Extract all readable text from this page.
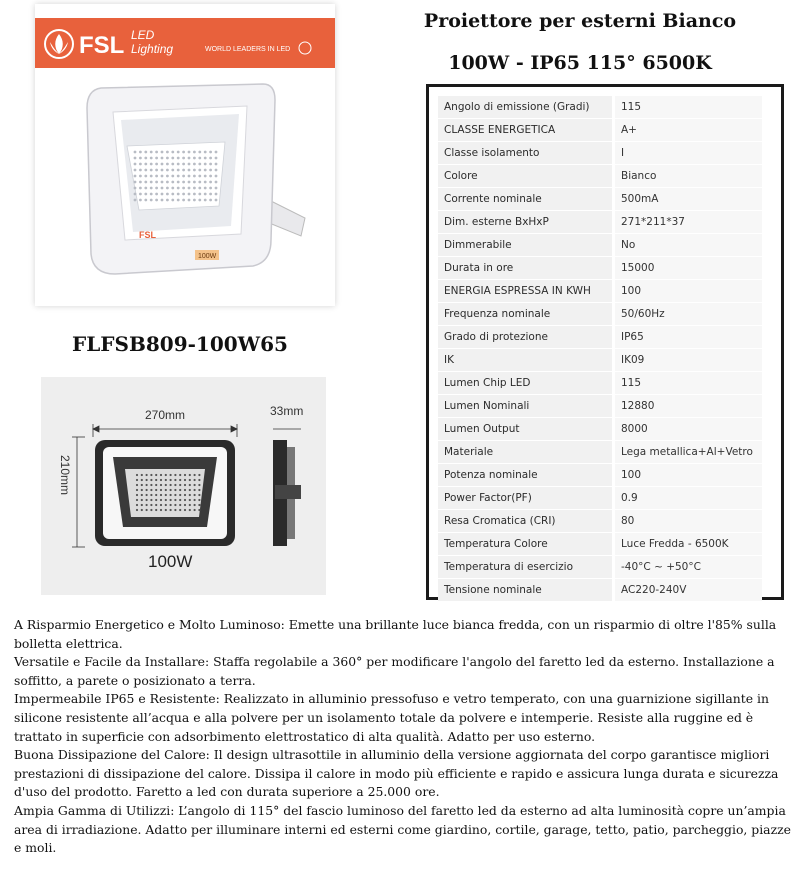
FSL LED
Lighting	WORLD LEADERS IN LED
FSL
100W
Proiettore per esterni Bianco
100W - IP65 115° 6500K
FLFSB809-100W65
270mm
210mm
33mm
100W
Angolo di emissione (Gradi)	115
CLASSE ENERGETICA	A+
Classe isolamento	I
Colore	Bianco
Corrente nominale	500mA
Dim. esterne BxHxP	271*211*37
Dimmerabile	No
Durata in ore	15000
ENERGIA ESPRESSA IN KWH	100
Frequenza nominale	50/60Hz
Grado di protezione	IP65
IK	IK09
Lumen Chip LED	115
Lumen Nominali	12880
Lumen Output	8000
Materiale	Lega metallica+Al+Vetro
Potenza nominale	100
Power Factor(PF)	0.9
Resa Cromatica (CRI)	80
Temperatura Colore	Luce Fredda - 6500K
Temperatura di esercizio	-40°C ~ +50°C
Tensione nominale	AC220-240V

A Risparmio Energetico e Molto Luminoso: Emette una brillante luce bianca fredda, con un risparmio di oltre l'85% sulla bolletta elettrica.

Versatile e Facile da Installare: Staffa regolabile a 360° per modificare l'angolo del faretto led da esterno. Installazione a soffitto, a parete o posizionato a terra.

Impermeabile IP65 e Resistente: Realizzato in alluminio pressofuso e vetro temperato, con una guarnizione sigillante in silicone resistente all’acqua e alla polvere per un isolamento totale da polvere e intemperie. Resiste alla ruggine ed è trattato in superficie con adsorbimento elettrostatico di alta qualità. Adatto per uso esterno.

Buona Dissipazione del Calore: Il design ultrasottile in alluminio della versione aggiornata del corpo garantisce migliori prestazioni di dissipazione del calore. Dissipa il calore in modo più efficiente e rapido e assicura lunga durata e sicurezza d'uso del prodotto. Faretto a led con durata superiore a 25.000 ore.

Ampia Gamma di Utilizzi: L’angolo di 115° del fascio luminoso del faretto led da esterno ad alta luminosità copre un’ampia area di irradiazione. Adatto per illuminare interni ed esterni come giardino, cortile, garage, tetto, patio, parcheggio, piazze e moli.
